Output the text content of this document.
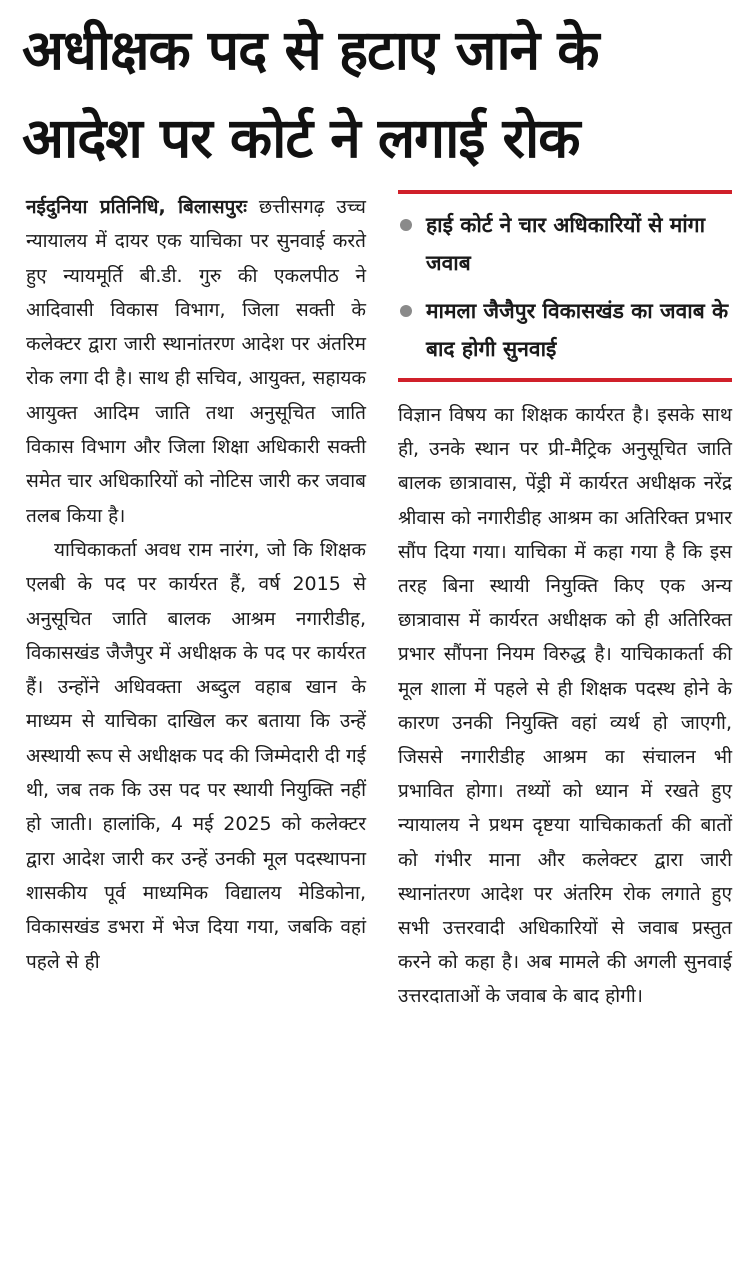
अधीक्षक पद से हटाए जाने के आदेश पर कोर्ट ने लगाई रोक

नईदुनिया प्रतिनिधि, बिलासपुरः छत्तीसगढ़ उच्च न्यायालय में दायर एक याचिका पर सुनवाई करते हुए न्यायमूर्ति बी.डी. गुरु की एकलपीठ ने आदिवासी विकास विभाग, जिला सक्ती के कलेक्टर द्वारा जारी स्थानांतरण आदेश पर अंतरिम रोक लगा दी है। साथ ही सचिव, आयुक्त, सहायक आयुक्त आदिम जाति तथा अनुसूचित जाति विकास विभाग और जिला शिक्षा अधिकारी सक्ती समेत चार अधिकारियों को नोटिस जारी कर जवाब तलब किया है।

याचिकाकर्ता अवध राम नारंग, जो कि शिक्षक एलबी के पद पर कार्यरत हैं, वर्ष 2015 से अनुसूचित जाति बालक आश्रम नगारीडीह, विकासखंड जैजैपुर में अधीक्षक के पद पर कार्यरत हैं। उन्होंने अधिवक्ता अब्दुल वहाब खान के माध्यम से याचिका दाखिल कर बताया कि उन्हें अस्थायी रूप से अधीक्षक पद की जिम्मेदारी दी गई थी, जब तक कि उस पद पर स्थायी नियुक्ति नहीं हो जाती। हालांकि, 4 मई 2025 को कलेक्टर द्वारा आदेश जारी कर उन्हें उनकी मूल पदस्थापना शासकीय पूर्व माध्यमिक विद्यालय मेडिकोना, विकासखंड डभरा में भेज दिया गया, जबकि वहां पहले से ही

हाई कोर्ट ने चार अधिकारियों से मांगा जवाब
मामला जैजैपुर विकासखंड का जवाब के बाद होगी सुनवाई

विज्ञान विषय का शिक्षक कार्यरत है। इसके साथ ही, उनके स्थान पर प्री-मैट्रिक अनुसूचित जाति बालक छात्रावास, पेंड्री में कार्यरत अधीक्षक नरेंद्र श्रीवास को नगारीडीह आश्रम का अतिरिक्त प्रभार सौंप दिया गया। याचिका में कहा गया है कि इस तरह बिना स्थायी नियुक्ति किए एक अन्य छात्रावास में कार्यरत अधीक्षक को ही अतिरिक्त प्रभार सौंपना नियम विरुद्ध है। याचिकाकर्ता की मूल शाला में पहले से ही शिक्षक पदस्थ होने के कारण उनकी नियुक्ति वहां व्यर्थ हो जाएगी, जिससे नगारीडीह आश्रम का संचालन भी प्रभावित होगा। तथ्यों को ध्यान में रखते हुए न्यायालय ने प्रथम दृष्टया याचिकाकर्ता की बातों को गंभीर माना और कलेक्टर द्वारा जारी स्थानांतरण आदेश पर अंतरिम रोक लगाते हुए सभी उत्तरवादी अधिकारियों से जवाब प्रस्तुत करने को कहा है। अब मामले की अगली सुनवाई उत्तरदाताओं के जवाब के बाद होगी।
